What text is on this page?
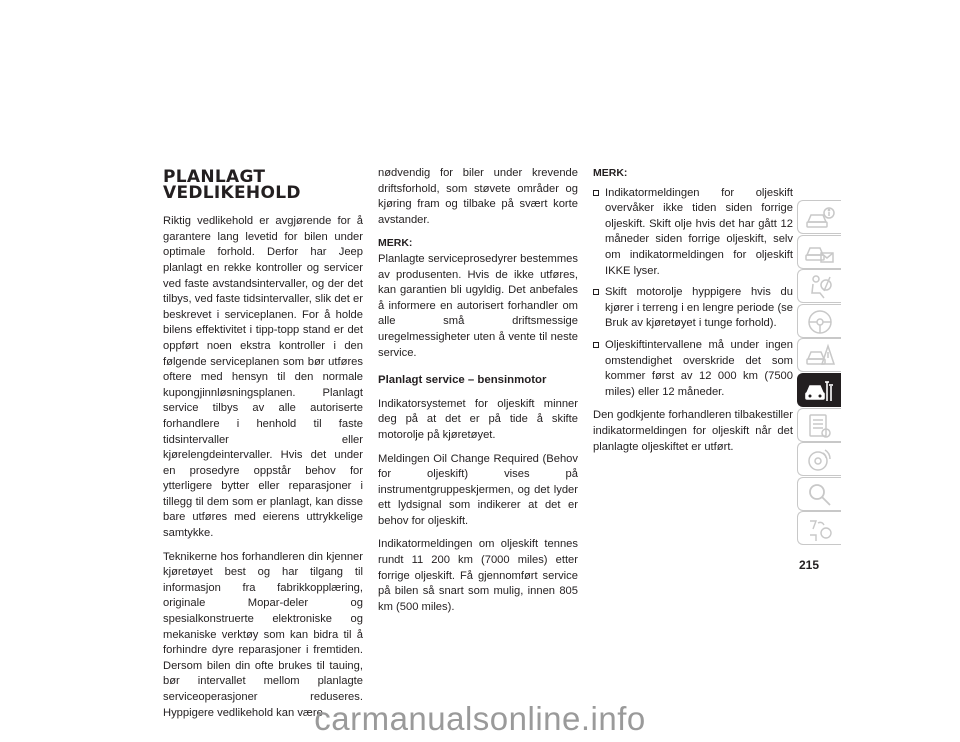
PLANLAGT VEDLIKEHOLD

Riktig vedlikehold er avgjørende for å garantere lang levetid for bilen under optimale forhold. Derfor har Jeep planlagt en rekke kontroller og servicer ved faste avstandsintervaller, og der det tilbys, ved faste tidsintervaller, slik det er beskrevet i serviceplanen. For å holde bilens effektivitet i tipp-topp stand er det oppført noen ekstra kontroller i den følgende serviceplanen som bør utføres oftere med hensyn til den normale kupongjinnløsningsplanen. Planlagt service tilbys av alle autoriserte forhandlere i henhold til faste tidsintervaller eller kjørelengdeintervaller. Hvis det under en prosedyre oppstår behov for ytterligere bytter eller reparasjoner i tillegg til dem som er planlagt, kan disse bare utføres med eierens uttrykkelige samtykke.

Teknikerne hos forhandleren din kjenner kjøretøyet best og har tilgang til informasjon fra fabrikkopplæring, originale Mopar-deler og spesialkonstruerte elektroniske og mekaniske verktøy som kan bidra til å forhindre dyre reparasjoner i fremtiden. Dersom bilen din ofte brukes til tauing, bør intervallet mellom planlagte serviceoperasjoner reduseres. Hyppigere vedlikehold kan være

nødvendig for biler under krevende driftsforhold, som støvete områder og kjøring fram og tilbake på svært korte avstander.

MERK:

Planlagte serviceprosedyrer bestemmes av produsenten. Hvis de ikke utføres, kan garantien bli ugyldig. Det anbefales å informere en autorisert forhandler om alle små driftsmessige uregelmessigheter uten å vente til neste service.

Planlagt service – bensinmotor

Indikatorsystemet for oljeskift minner deg på at det er på tide å skifte motorolje på kjøretøyet.

Meldingen Oil Change Required (Behov for oljeskift) vises på instrumentgruppeskjermen, og det lyder ett lydsignal som indikerer at det er behov for oljeskift.

Indikatormeldingen om oljeskift tennes rundt 11 200 km (7000 miles) etter forrige oljeskift. Få gjennomført service på bilen så snart som mulig, innen 805 km (500 miles).

MERK:
Indikatormeldingen for oljeskift overvåker ikke tiden siden forrige oljeskift. Skift olje hvis det har gått 12 måneder siden forrige oljeskift, selv om indikatormeldingen for oljeskift IKKE lyser.
Skift motorolje hyppigere hvis du kjører i terreng i en lengre periode (se Bruk av kjøretøyet i tunge forhold).
Oljeskiftintervallene må under ingen omstendighet overskride det som kommer først av 12 000 km (7500 miles) eller 12 måneder.

Den godkjente forhandleren tilbakestiller indikatormeldingen for oljeskift når det planlagte oljeskiftet er utført.

215
carmanualsonline.info
